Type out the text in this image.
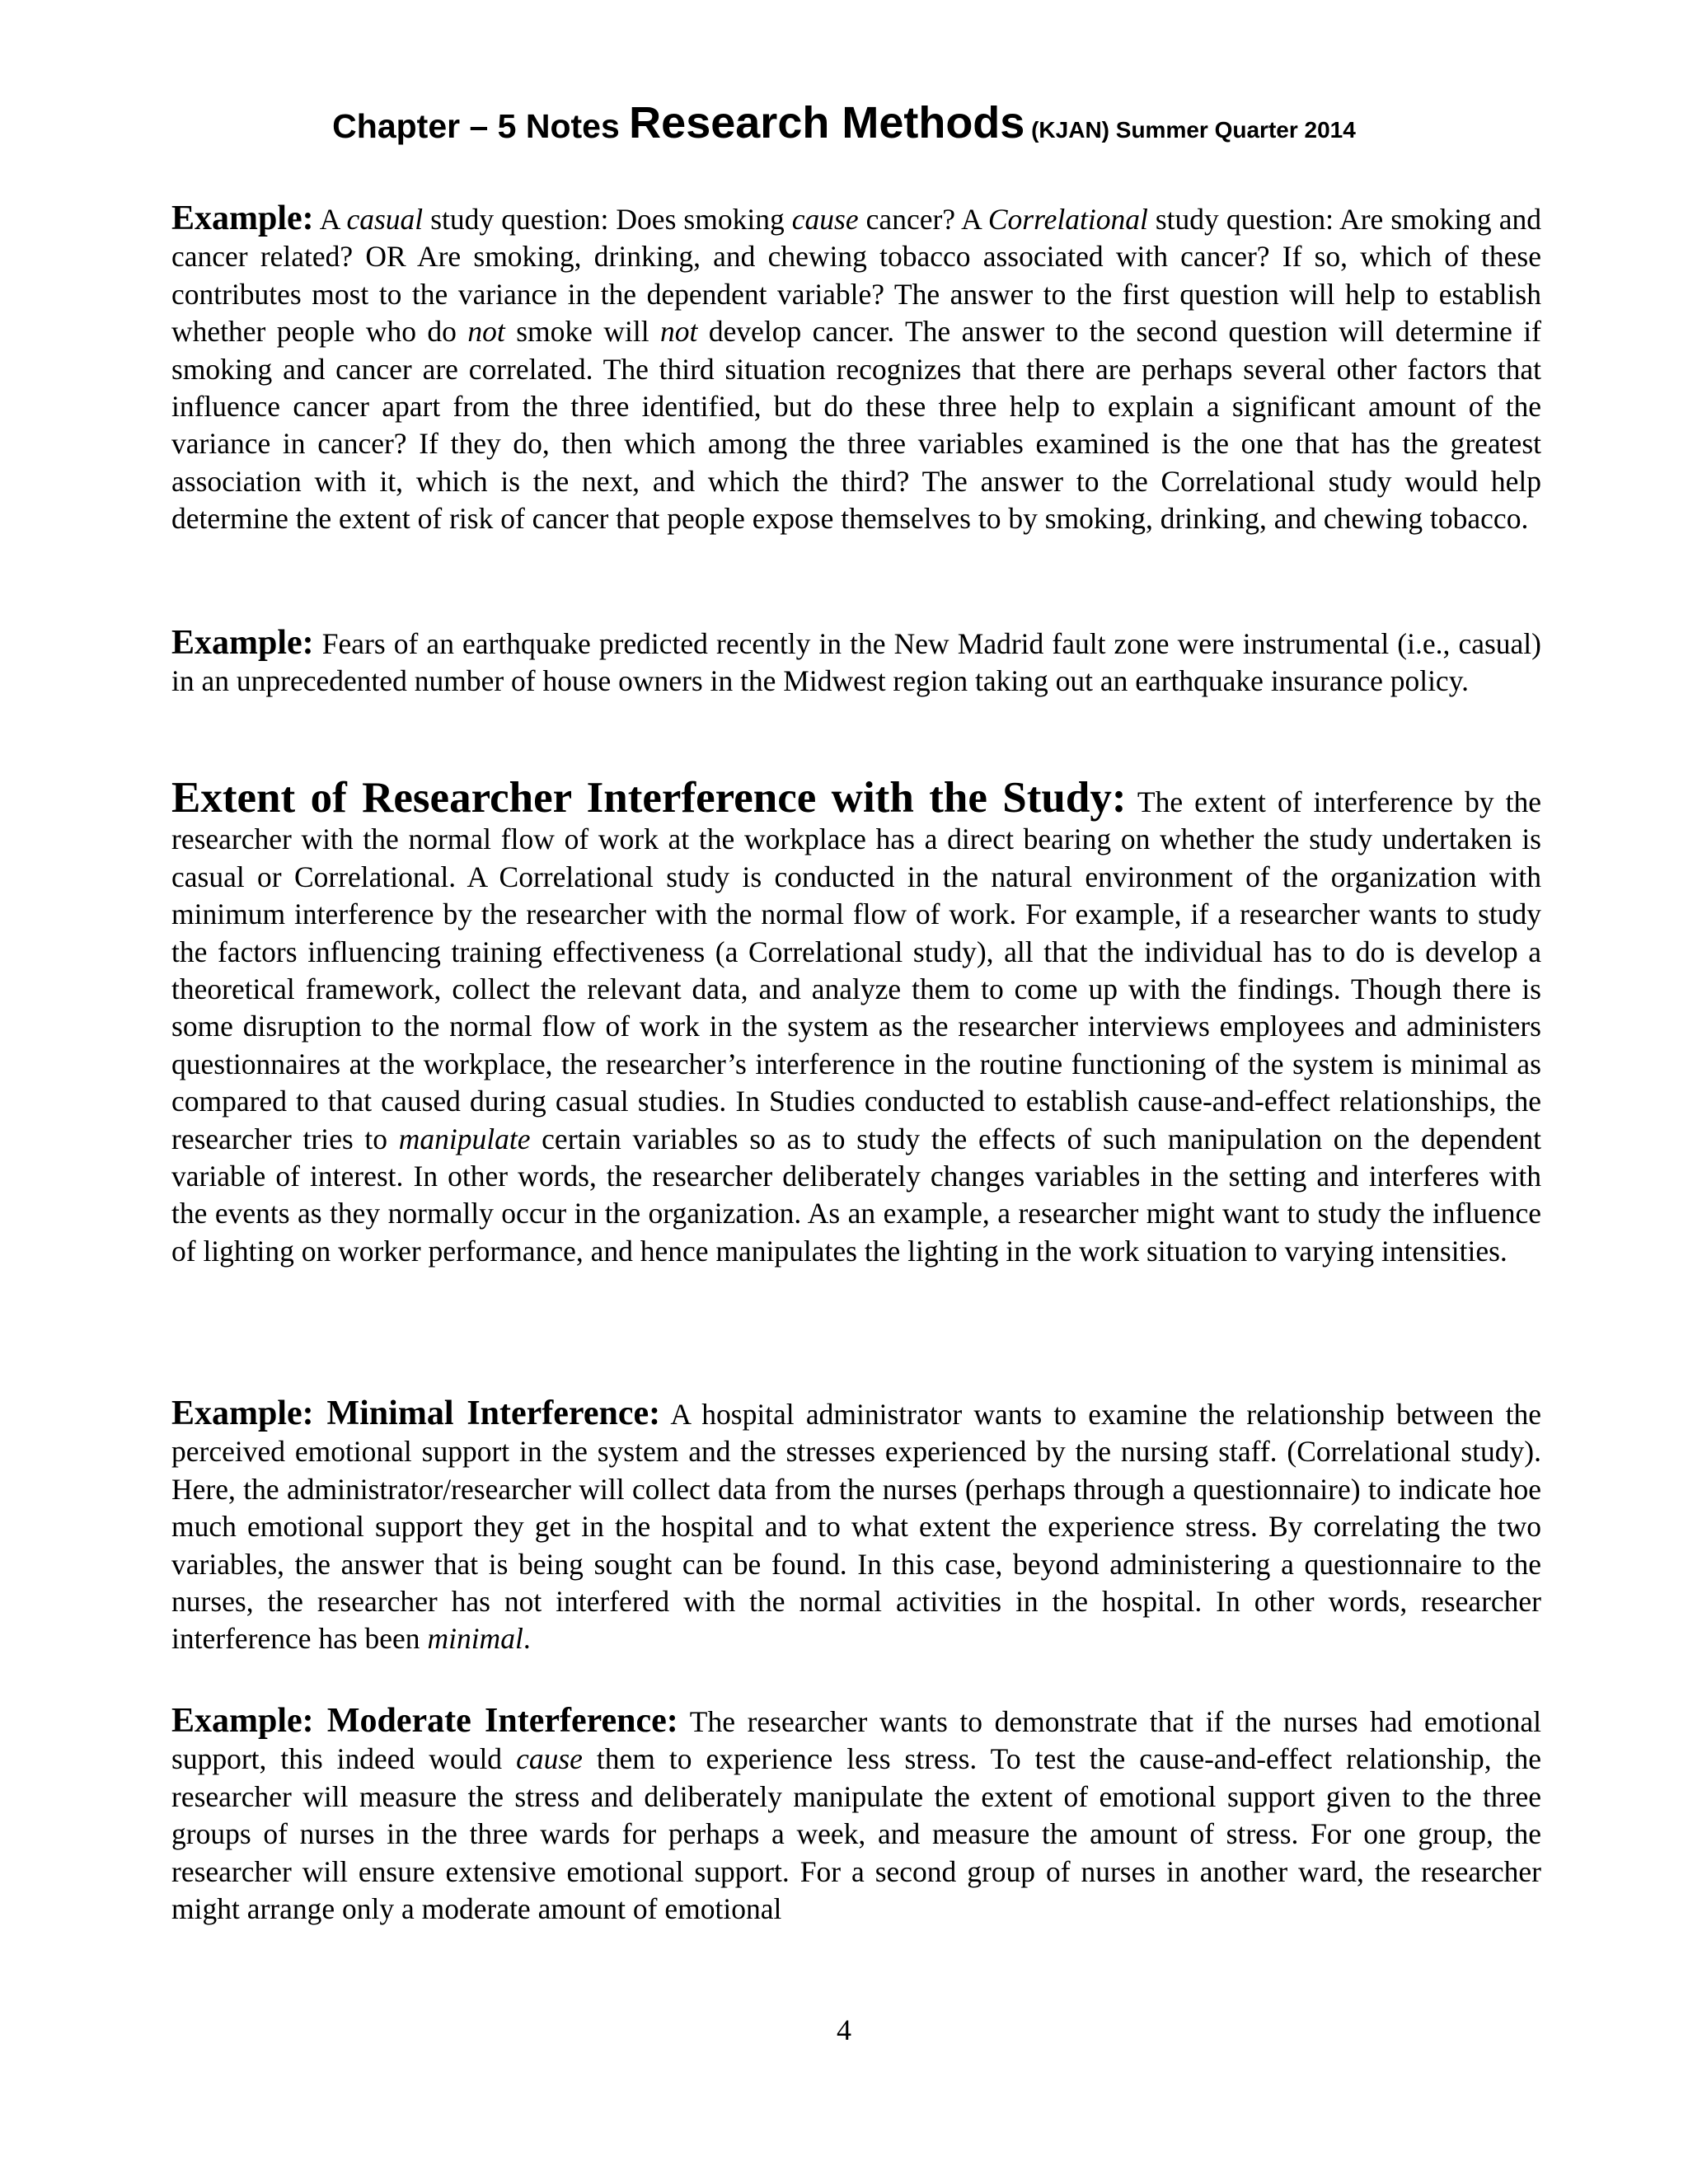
Chapter – 5 Notes Research Methods (KJAN) Summer Quarter 2014
Example: A casual study question: Does smoking cause cancer? A Correlational study question: Are smoking and cancer related? OR Are smoking, drinking, and chewing tobacco associated with cancer? If so, which of these contributes most to the variance in the dependent variable? The answer to the first question will help to establish whether people who do not smoke will not develop cancer. The answer to the second question will determine if smoking and cancer are correlated. The third situation recognizes that there are perhaps several other factors that influence cancer apart from the three identified, but do these three help to explain a significant amount of the variance in cancer? If they do, then which among the three variables examined is the one that has the greatest association with it, which is the next, and which the third? The answer to the Correlational study would help determine the extent of risk of cancer that people expose themselves to by smoking, drinking, and chewing tobacco.
Example: Fears of an earthquake predicted recently in the New Madrid fault zone were instrumental (i.e., casual) in an unprecedented number of house owners in the Midwest region taking out an earthquake insurance policy.
Extent of Researcher Interference with the Study: The extent of interference by the researcher with the normal flow of work at the workplace has a direct bearing on whether the study undertaken is casual or Correlational. A Correlational study is conducted in the natural environment of the organization with minimum interference by the researcher with the normal flow of work. For example, if a researcher wants to study the factors influencing training effectiveness (a Correlational study), all that the individual has to do is develop a theoretical framework, collect the relevant data, and analyze them to come up with the findings. Though there is some disruption to the normal flow of work in the system as the researcher interviews employees and administers questionnaires at the workplace, the researcher’s interference in the routine functioning of the system is minimal as compared to that caused during casual studies. In Studies conducted to establish cause-and-effect relationships, the researcher tries to manipulate certain variables so as to study the effects of such manipulation on the dependent variable of interest. In other words, the researcher deliberately changes variables in the setting and interferes with the events as they normally occur in the organization. As an example, a researcher might want to study the influence of lighting on worker performance, and hence manipulates the lighting in the work situation to varying intensities.
Example: Minimal Interference: A hospital administrator wants to examine the relationship between the perceived emotional support in the system and the stresses experienced by the nursing staff. (Correlational study). Here, the administrator/researcher will collect data from the nurses (perhaps through a questionnaire) to indicate hoe much emotional support they get in the hospital and to what extent the experience stress. By correlating the two variables, the answer that is being sought can be found. In this case, beyond administering a questionnaire to the nurses, the researcher has not interfered with the normal activities in the hospital. In other words, researcher interference has been minimal.
Example: Moderate Interference: The researcher wants to demonstrate that if the nurses had emotional support, this indeed would cause them to experience less stress. To test the cause-and-effect relationship, the researcher will measure the stress and deliberately manipulate the extent of emotional support given to the three groups of nurses in the three wards for perhaps a week, and measure the amount of stress. For one group, the researcher will ensure extensive emotional support. For a second group of nurses in another ward, the researcher might arrange only a moderate amount of emotional
4
